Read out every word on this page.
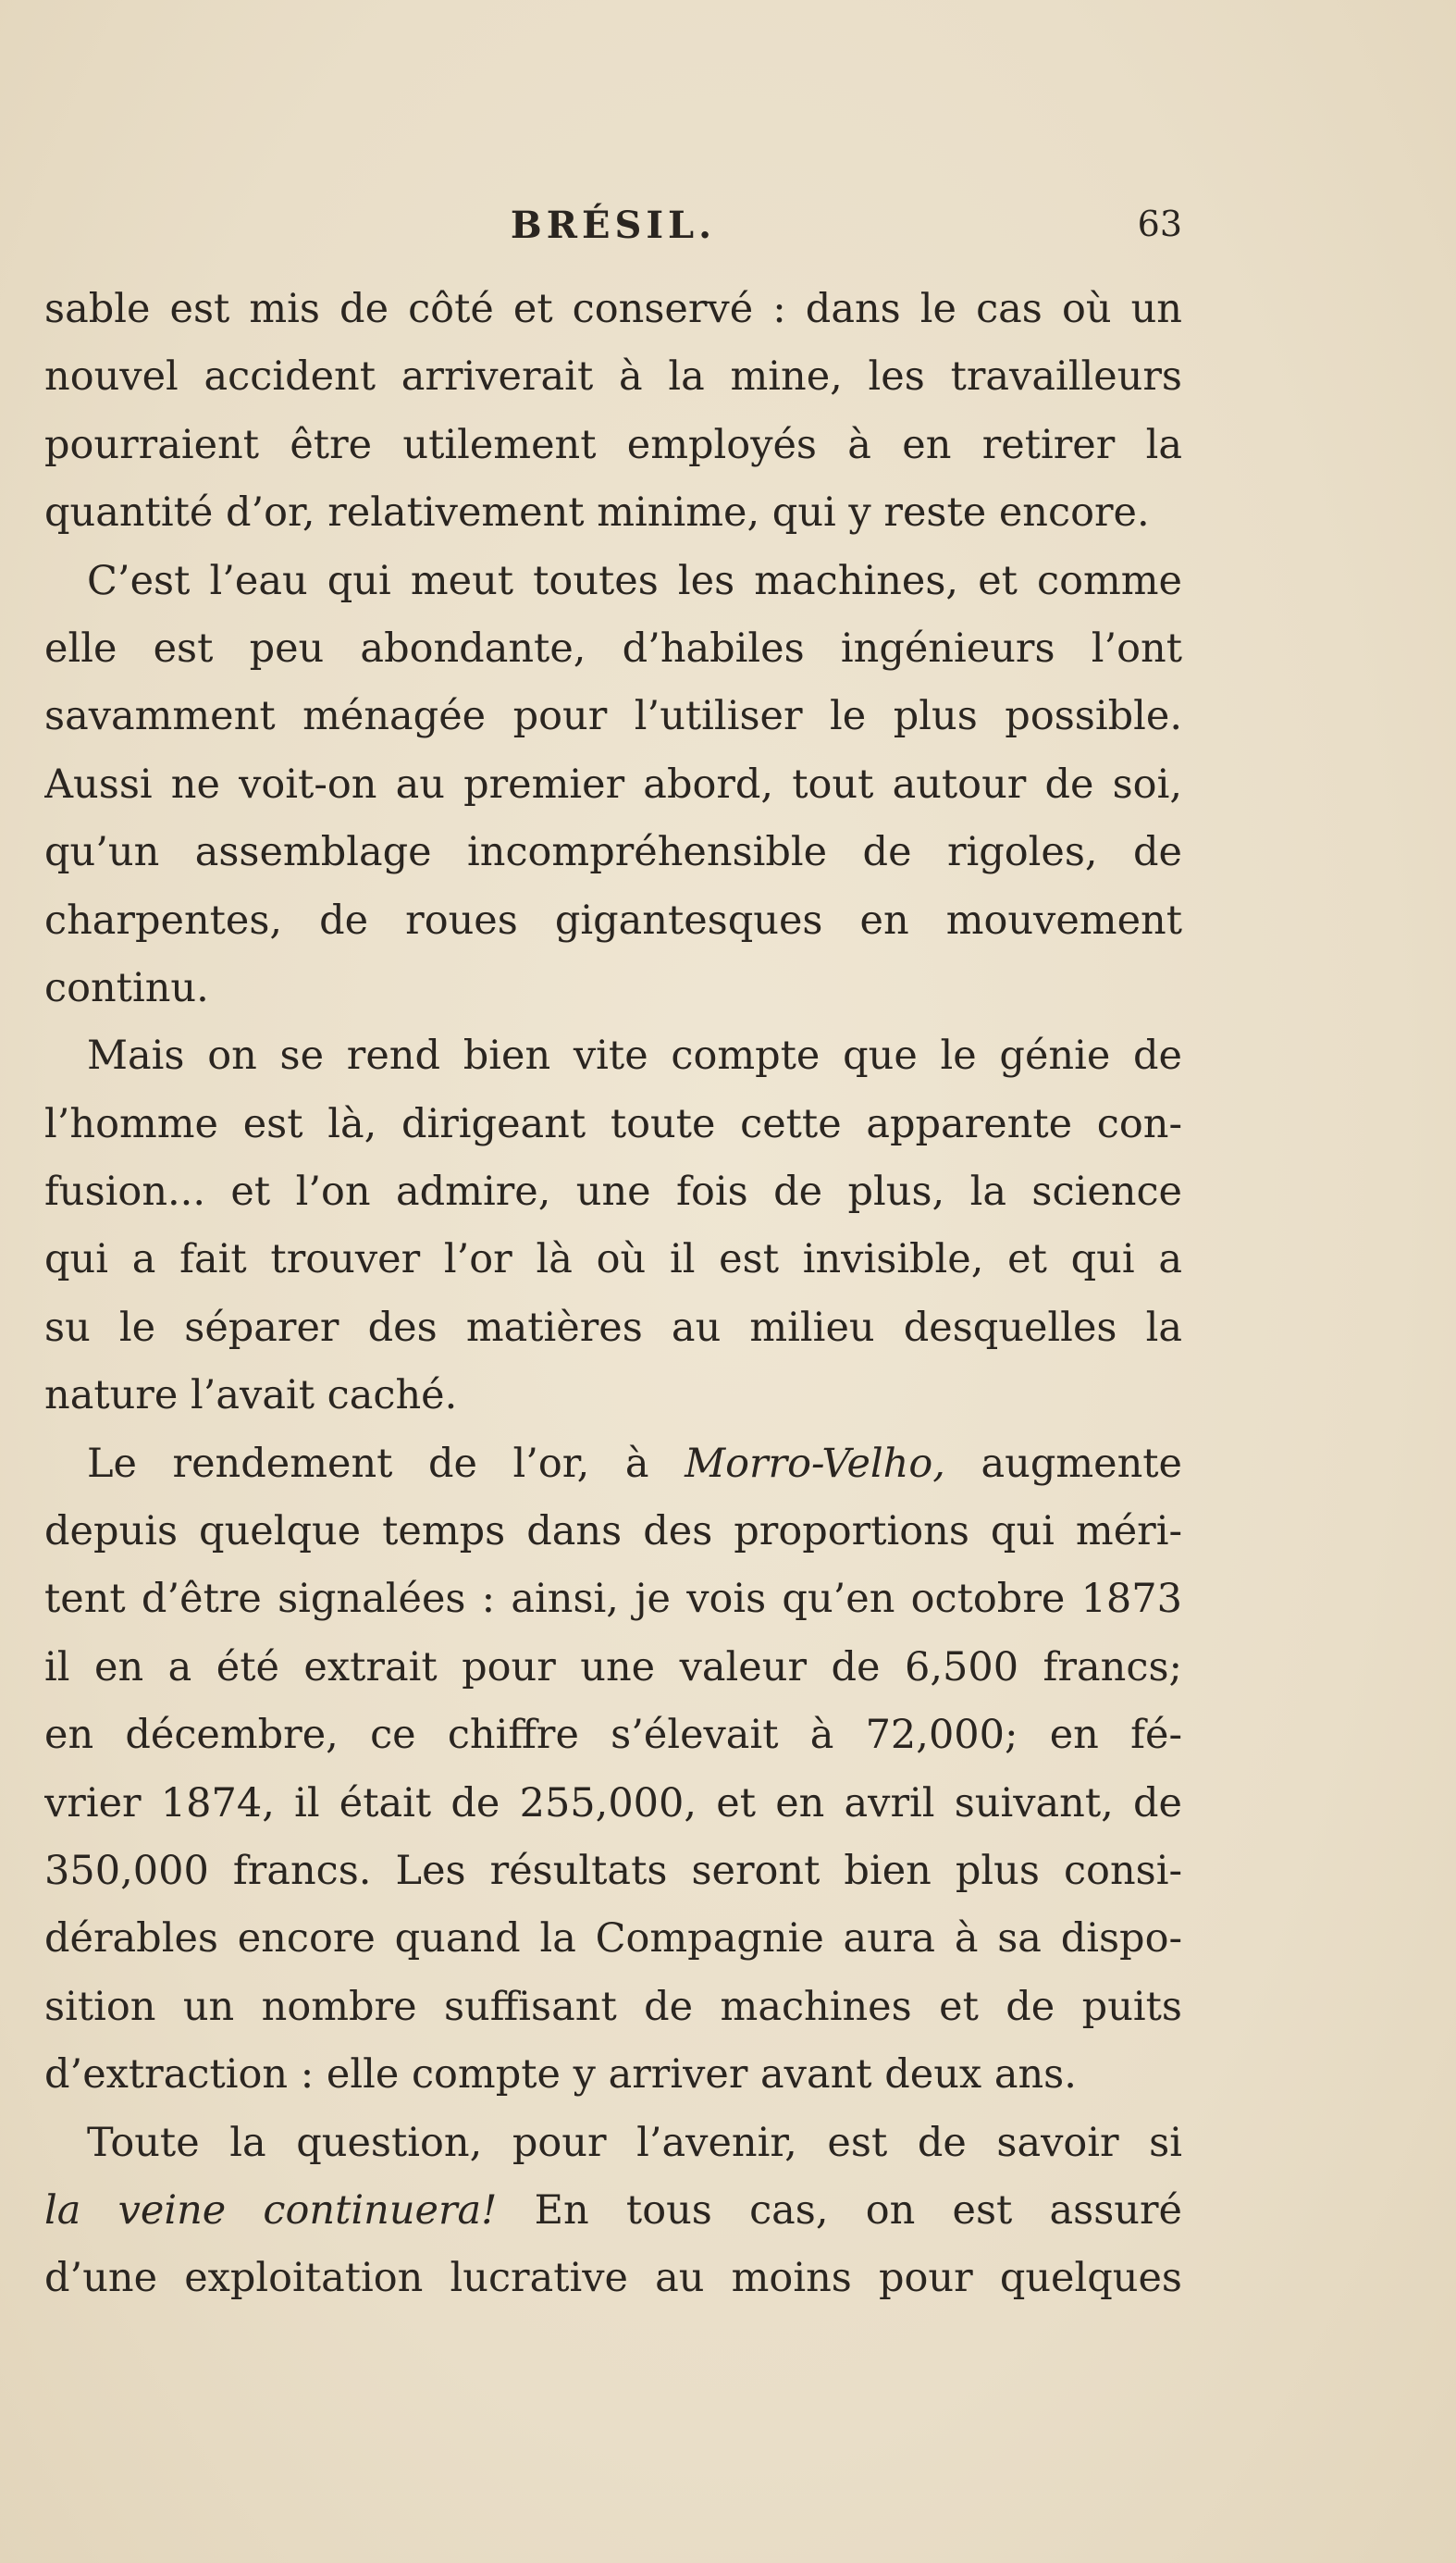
BRÉSIL.	63
sable est mis de côté et conservé : dans le cas où un
nouvel accident arriverait à la mine, les travailleurs
pourraient être utilement employés à en retirer la
quantité d’or, relativement minime, qui y reste encore.
C’est l’eau qui meut toutes les machines, et comme
elle est peu abondante, d’habiles ingénieurs l’ont
savamment ménagée pour l’utiliser le plus possible.
Aussi ne voit-on au premier abord, tout autour de soi,
qu’un assemblage incompréhensible de rigoles, de
charpentes, de roues gigantesques en mouvement
continu.
Mais on se rend bien vite compte que le génie de
l’homme est là, dirigeant toute cette apparente con-
fusion... et l’on admire, une fois de plus, la science
qui a fait trouver l’or là où il est invisible, et qui a
su le séparer des matières au milieu desquelles la
nature l’avait caché.
Le rendement de l’or, à Morro-Velho, augmente
depuis quelque temps dans des proportions qui méri-
tent d’être signalées : ainsi, je vois qu’en octobre 1873
il en a été extrait pour une valeur de 6,500 francs;
en décembre, ce chiffre s’élevait à 72,000; en fé-
vrier 1874, il était de 255,000, et en avril suivant, de
350,000 francs. Les résultats seront bien plus consi-
dérables encore quand la Compagnie aura à sa dispo-
sition un nombre suffisant de machines et de puits
d’extraction : elle compte y arriver avant deux ans.
Toute la question, pour l’avenir, est de savoir si
la veine continuera! En tous cas, on est assuré
d’une exploitation lucrative au moins pour quelques
